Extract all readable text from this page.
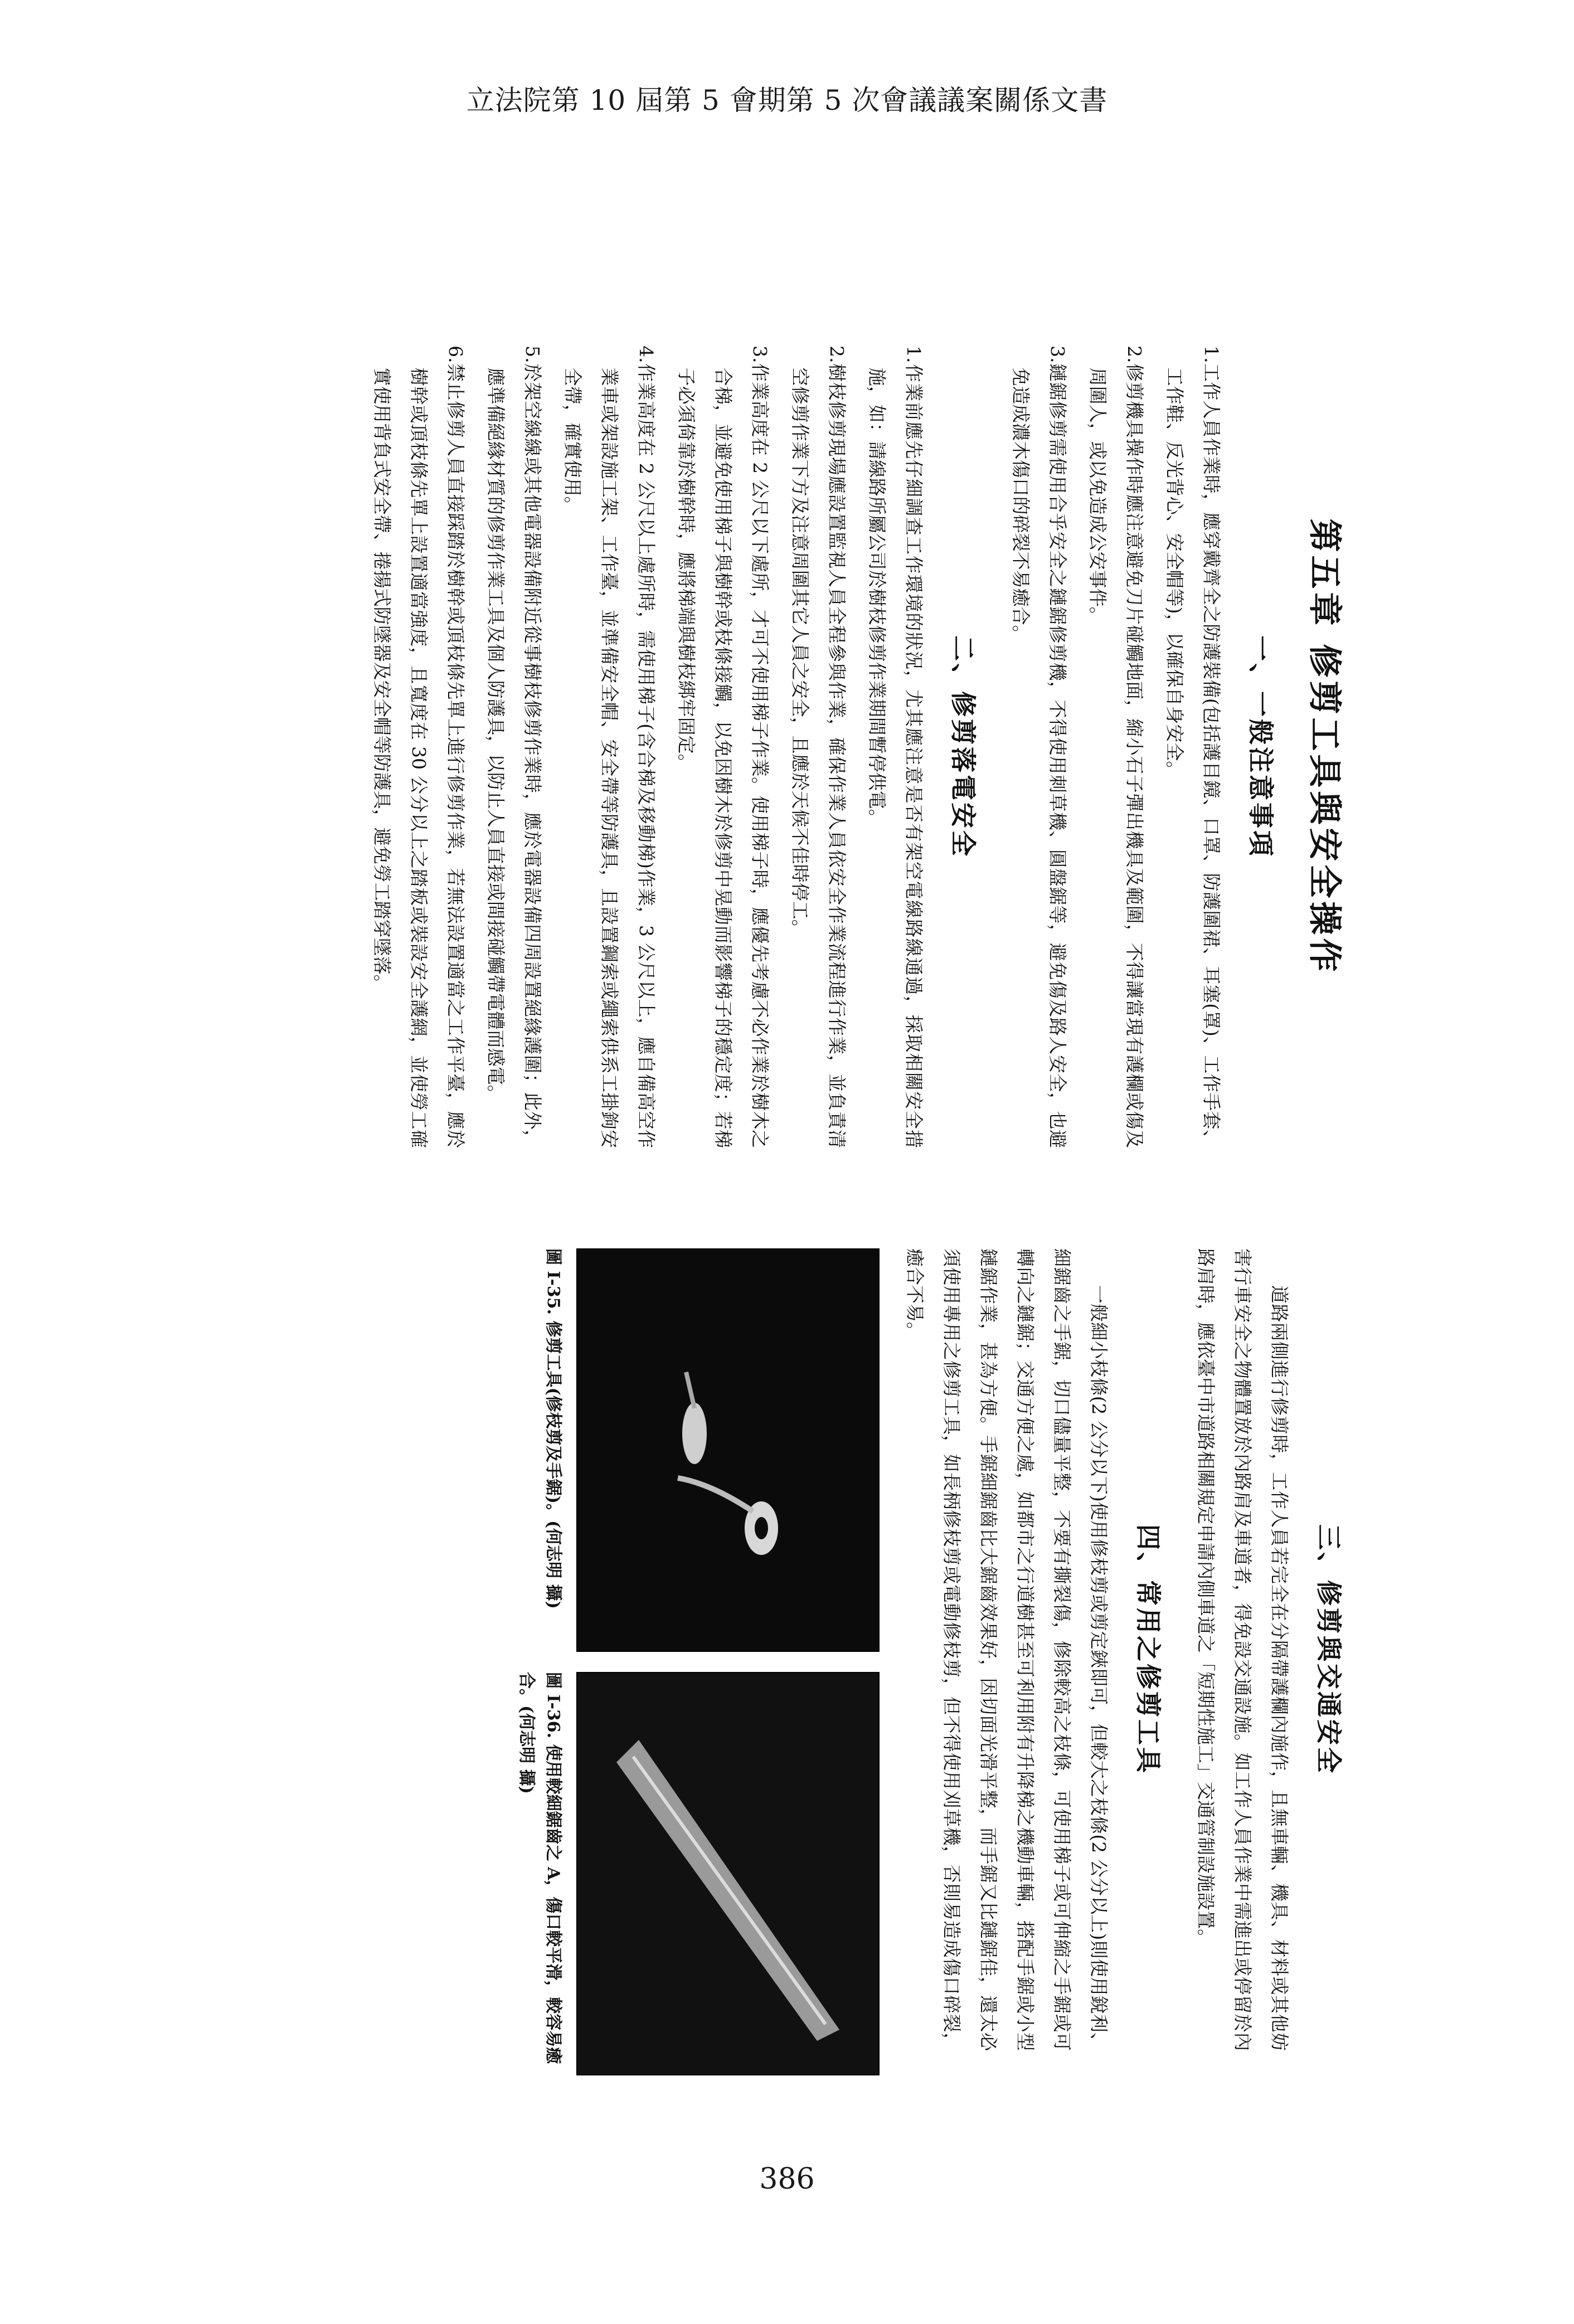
立法院第 10 屆第 5 會期第 5 次會議議案關係文書
第五章 修剪工具與安全操作
一、一般注意事項

1.工作人員作業時，應穿戴齊全之防護裝備(包括護目鏡、口罩、防護圍裙、耳塞(罩)、工作手套、工作鞋、反光背心、安全帽等)，以確保自身安全。

2.修剪機具操作時應注意避免刀片碰觸地面，縮小石子彈出機具及範圍，不得讓當現有護欄或傷及周圍人，或以免造成公安事件。

3.鏈鋸修剪需使用合乎安全之鏈鋸修剪機，不得使用刺草機、圓盤鋸等，避免傷及路人安全，也避免造成濃木傷口的碎裂不易癒合。

二、修剪落電安全

1.作業前應先仔細調查工作環境的狀況，尤其應注意是否有架空電線路線通過，採取相關安全措施，如：請線路所屬公司於樹枝修剪作業期間暫停供電。

2.樹枝修剪現場應設置監視人員全程參與作業，確保作業人員依安全作業流程進行作業，並負責清空修剪作業下方及注意周圍其它人員之安全，且應於天候不佳時停工。

3.作業高度在 2 公尺以下處所，才可不使用梯子作業。使用梯子時，應優先考慮不必作業於樹木之合梯，並避免使用梯子與樹幹或枝條接觸，以免因樹木於修剪中晃動而影響梯子的穩定度；若梯子必須倚靠於樹幹時，應將梯端與樹枝綁牢固定。

4.作業高度在 2 公尺以上處所時，需使用梯子(含合梯及移動梯)作業，3 公尺以上，應自備高空作業車或架設施工架、工作臺，並準備安全帽、安全帶等防護具，且設置鋼索或繩索供系工掛鉤安全帶，確實使用。

5.於架空線線或其他電器設備附近從事樹枝修剪作業時，應於電器設備四周設置絕緣護圍；此外，應準備絕緣材質的修剪作業工具及個人防護具，以防止人員直接或間接碰觸帶電體而感電。

6.禁止修剪人員直接踩踏於樹幹或頂枝條先單上進行修剪作業，若無法設置適當之工作平臺，應於樹幹或頂枝條先單上設置適當強度，且寬度在 30 公分以上之踏板或裝設安全護網，並使勞工確實使用背負式安全帶、捲揚式防墜器及安全帽等防護具，避免勞工踏穿墜落。

三、修剪與交通安全

道路兩側進行修剪時，工作人員若完全在分隔帶護欄內施作，且無車輛、機具、材料或其他妨害行車安全之物體置放於內路肩及車道者，得免設交通設施。如工作人員作業中需進出或停留於內路肩時，應依臺中市道路相關規定申請內側車道之「短期性施工」交通管制設施設置。

四、常用之修剪工具

一般細小枝條(2 公分以下)使用修枝剪或剪定鋏即可，但較大之枝條(2 公分以上)則使用銳利、細鋸齒之手鋸，切口儘量平整，不要有撕裂傷，修除較高之枝條，可使用梯子或可伸縮之手鋸或可轉向之鏈鋸；交通方便之處，如都市之行道樹甚至可利用附有升降梯之機動車輛，搭配手鋸或小型鏈鋸作業，甚為方便。手鋸細鋸齒比大鋸齒效果好，因切面光滑平整，而手鋸又比鏈鋸佳，還太必須使用專用之修剪工具，如長柄修枝剪或電動修枝剪，但不得使用刈草機，否則易造成傷口碎裂，癒合不易。

圖 I-35. 修剪工具(修枝剪及手鋸)。(何志明 攝)
圖 I-36. 使用較細鋸齒之 A，傷口較平滑，較容易癒合。(何志明 攝)
386
